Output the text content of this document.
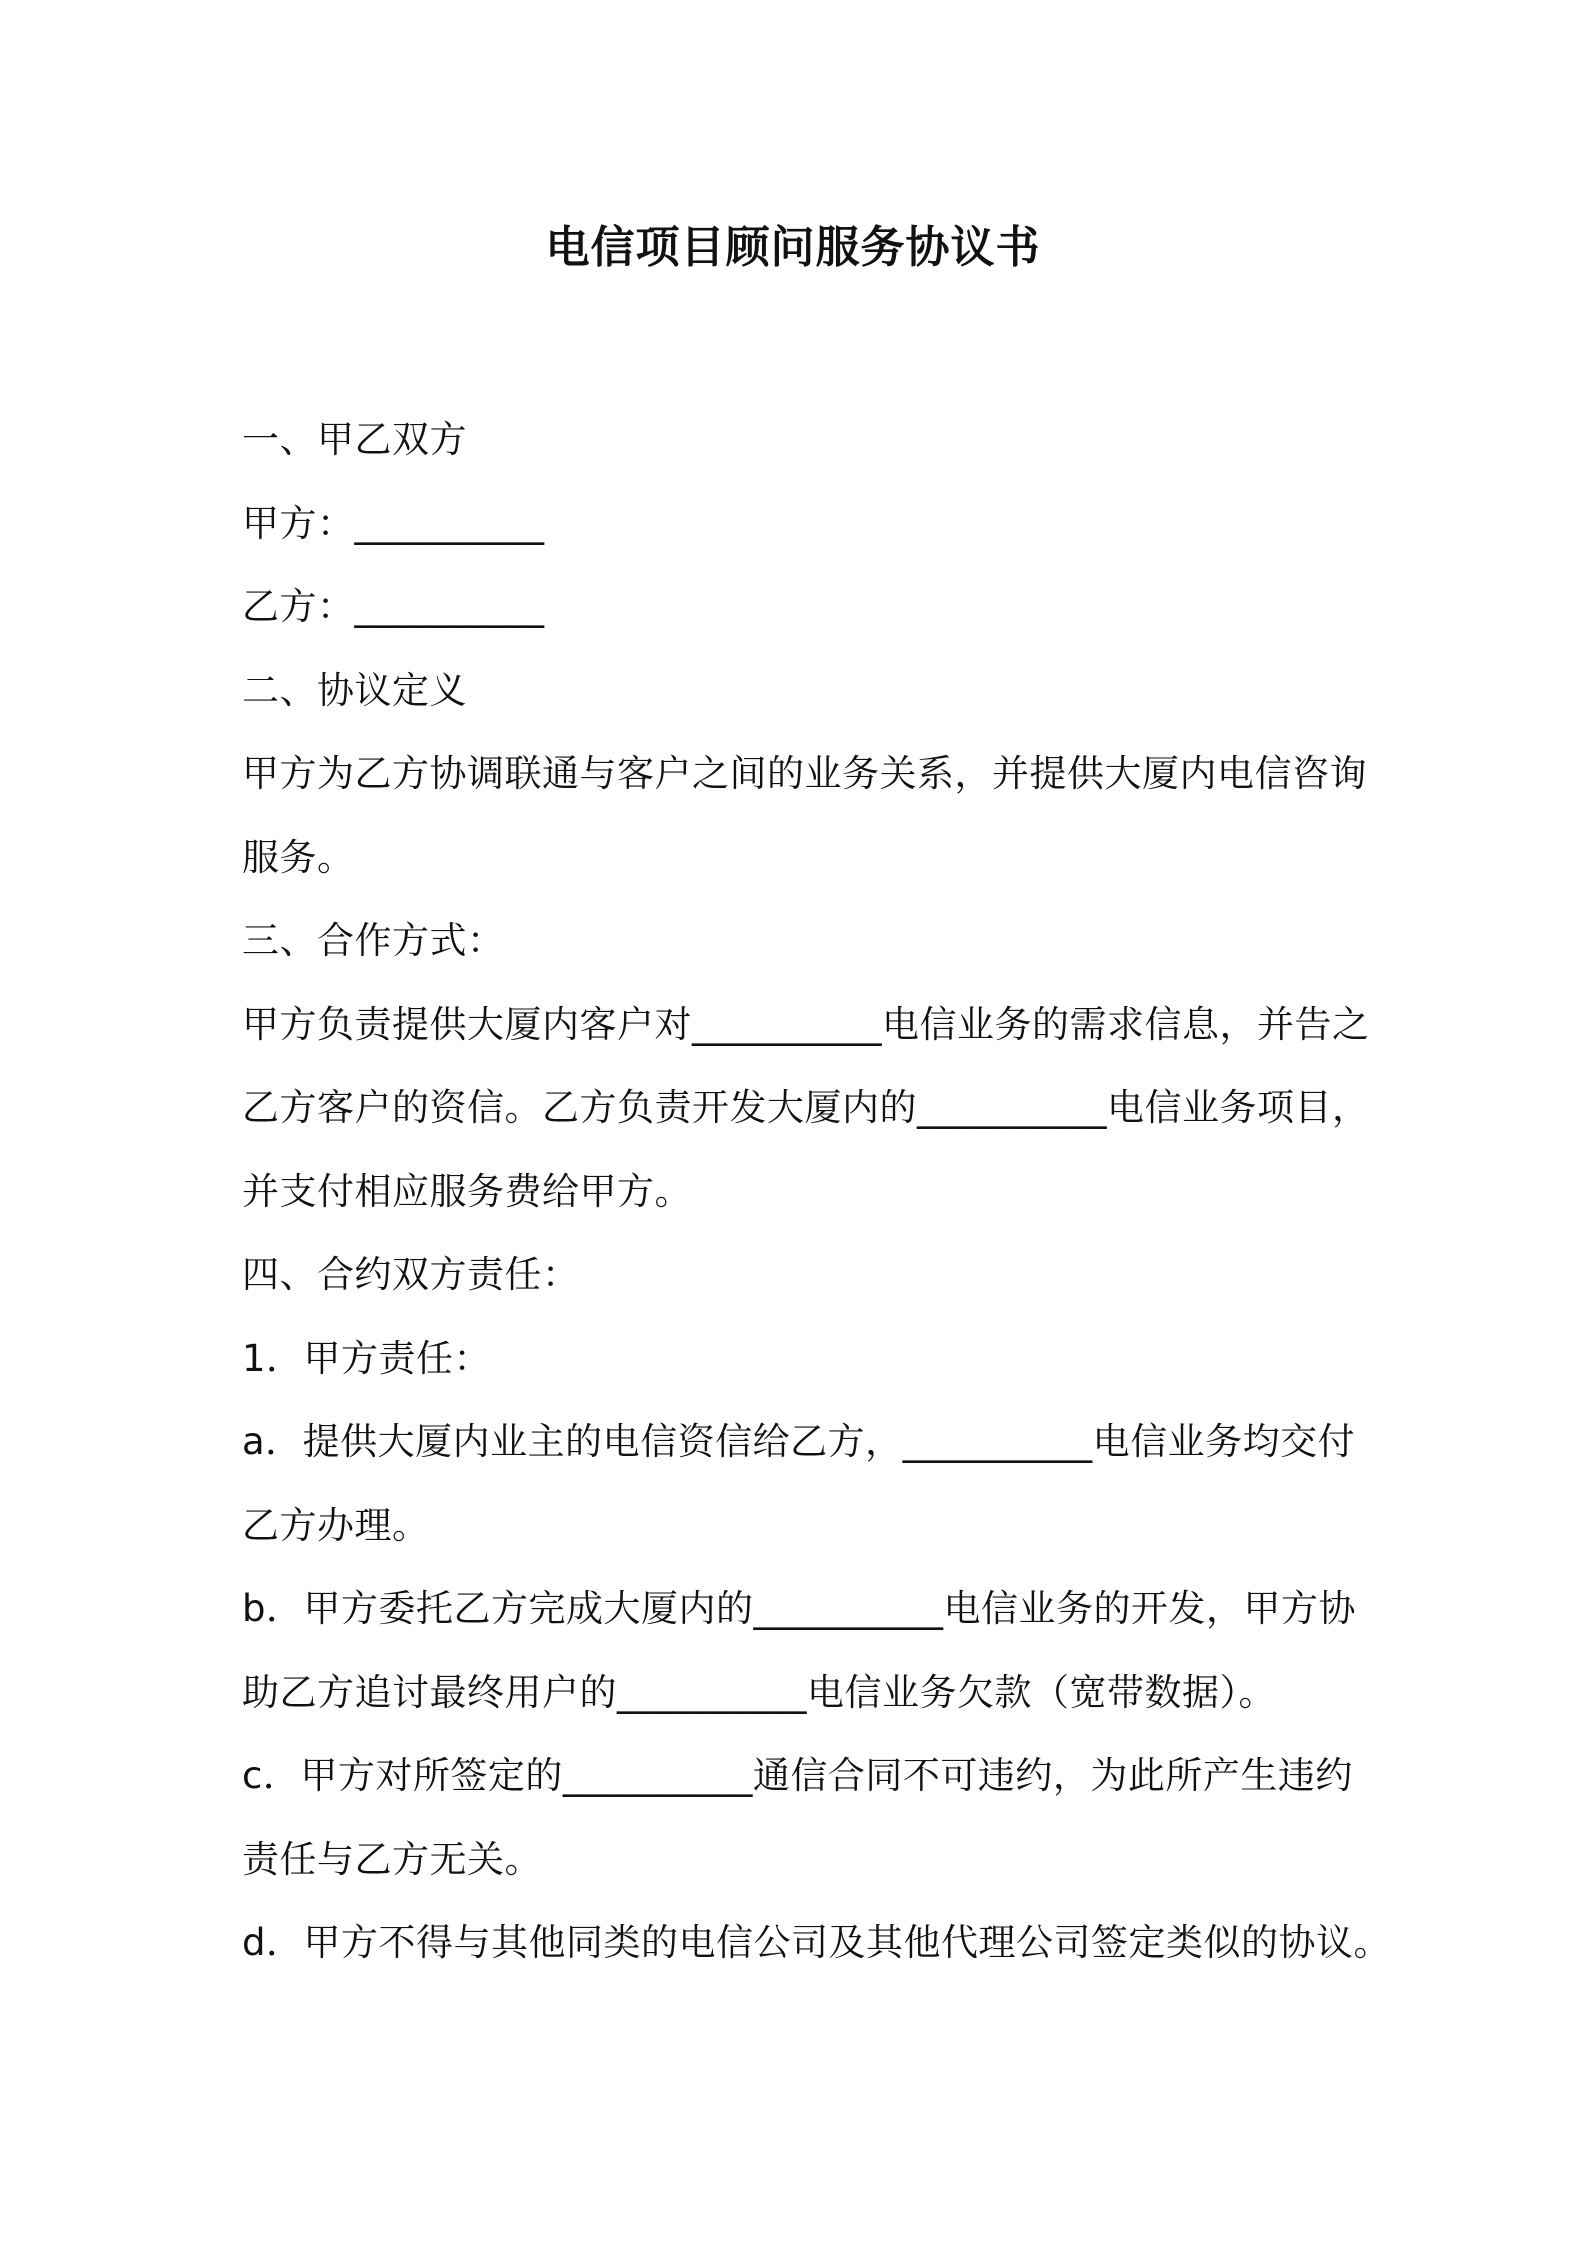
电信项目顾问服务协议书
一、甲乙双方
甲方：__________
乙方：__________
二、协议定义
甲方为乙方协调联通与客户之间的业务关系，并提供大厦内电信咨询
服务。
三、合作方式：
甲方负责提供大厦内客户对__________电信业务的需求信息，并告之
乙方客户的资信。乙方负责开发大厦内的__________电信业务项目，
并支付相应服务费给甲方。
四、合约双方责任：
1．甲方责任：
a．提供大厦内业主的电信资信给乙方，__________电信业务均交付
乙方办理。
b．甲方委托乙方完成大厦内的__________电信业务的开发，甲方协
助乙方追讨最终用户的__________电信业务欠款（宽带数据）。
c．甲方对所签定的__________通信合同不可违约，为此所产生违约
责任与乙方无关。
d．甲方不得与其他同类的电信公司及其他代理公司签定类似的协议。
